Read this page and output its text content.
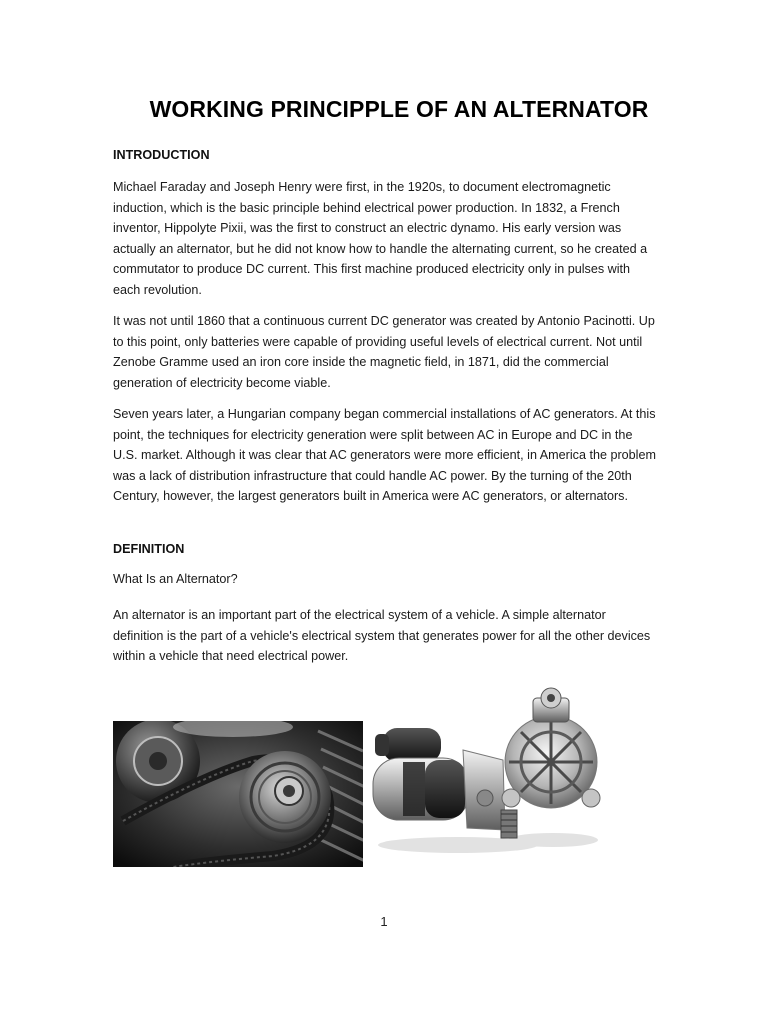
WORKING PRINCIPPLE OF AN ALTERNATOR

INTRODUCTION

Michael Faraday and Joseph Henry were first, in the 1920s, to document electromagnetic induction, which is the basic principle behind electrical power production. In 1832, a French inventor, Hippolyte Pixii, was the first to construct an electric dynamo. His early version was actually an alternator, but he did not know how to handle the alternating current, so he created a commutator to produce DC current. This first machine produced electricity only in pulses with each revolution.

It was not until 1860 that a continuous current DC generator was created by Antonio Pacinotti. Up to this point, only batteries were capable of providing useful levels of electrical current. Not until Zenobe Gramme used an iron core inside the magnetic field, in 1871, did the commercial generation of electricity become viable.

Seven years later, a Hungarian company began commercial installations of AC generators. At this point, the techniques for electricity generation were split between AC in Europe and DC in the U.S. market. Although it was clear that AC generators were more efficient, in America the problem was a lack of distribution infrastructure that could handle AC power. By the turning of the 20th Century, however, the largest generators built in America were AC generators, or alternators.

DEFINITION

What Is an Alternator?

An alternator is an important part of the electrical system of a vehicle. A simple alternator definition is the part of a vehicle's electrical system that generates power for all the other devices within a vehicle that need electrical power.

1
